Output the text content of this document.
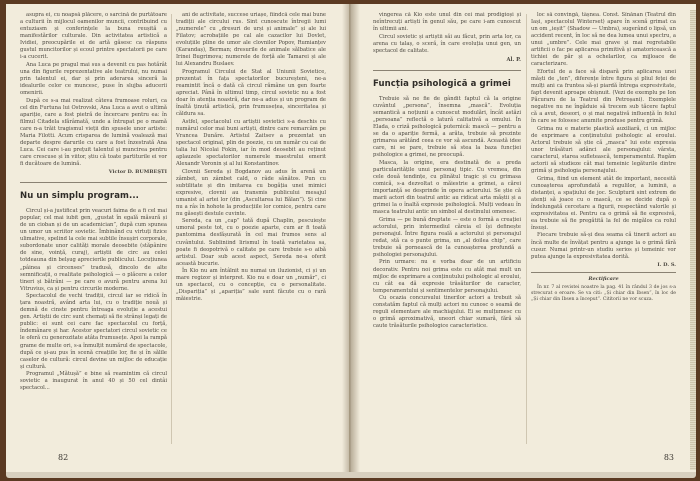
asupra ei, cu noapsă plăcere, o sarcină de purtătoare a culturii în mijlocul oamenilor muncii, contribuind cu entuziasm și conferințele la buna reușită a manifestărilor culturale. Din activitatea artistică a Ividiei, preocupările ei de artă găsesc ca răspuns gustul muncitorilor și ecoul printre spectatorii pe care i-a cucerit.

Ana Luca pe pragul mai sus a devenit cu pas hotărât una din figurile reprezentative ale teatrului, nu numai prin talentul ei, dar și prin aderarea sinceră la idealurile celor ce muncesc, puse în slujba aducerii omenirii.

După ce s-a mai realizat câteva frumoase roluri, ca cel din Furtuna lui Ostrovski, Ana Luca a avut o ultimă apariție, care a fost pietră de încercare pentru ea: în filmul Citadela sfărâmată, unde a întrupat pe o mamă care n-a trăit tragismul vieții din spusele unor artiste: Maria Filotti. Acum crisparea de lumină voalează mai departe despre darurile cu care a fost înzestrată Ana Luca. Cei care i-au prețuit talentul și muncirea pentru care crescuse și în viitor, știu că toate partiturile ei vor fi ducătoare de lumină.

Victor D. BUMBEȘTI

Nu un simplu program...

Circul și-a justificat prin veacuri faima de a fi cel mai popular, cel mai iubit gen, „gustat în egală măsură și de un cioban și de un academician”, după cum spunea un umor un scriitor sovietic. Îmbinând cu virtuți fizice ulimative, spelind la cele mai subtile însușiri corporale, subordonate unor calități morale deosebite (stăpânire de sine, voință, curaj), artiștii de circ au celei totdeauna din belșug aprecierile publicului. Locuțiunea „pâinea și circenses” tradusă, dincolo de alte semnificații, o realitate psihologică — o plăcere a celor tineri și bătrâni — pe care o avură pentru arena lui Vitruvius, ca și pentru circurile moderne.

Spectacolul de vechi tradiții, circul iar se ridică în țara noastră, având arta lui, cu o tradiție nouă și demnă de cinste pentru întreaga evoluție a acestui gen. Artiștii de circ sunt chemați să fie strânși legați de public: ei sunt cei care fac spectacolul cu forță, îndemânare și har. Acestor spectatori circul sovietic ce le oferă cu generozitate atâta frumusețe. Apoi la rampă grame de multe ori, s-a înmulțit numărul de spectacole, după ce și-au pus în scenă creațiile lor, fie și în sălile caselor de cultură: circul devine un mijloc de educație și cultură.

Programul „Mătușă” e bine să reamintim că circul sovietic a inaugurat în anul 40 și 50 cel dintâi spectacol...

ani de activitate, succese uriașe, fiindcă cele mai bune tradiții ale circului rus. Sint cunoscute întregii lumi „numerele” cu „dresuri de urși și animale” și ale lui Filatov; acrobațiile pe cal ale cazacilor lui Dovlet, evoluțiile pline de umor ale clovnilor Popov, Rumianțev (Karandaș), Berman; dresurile de animale sălbatice ale Irinei Bugrimova; numerele de forță ale Tamarei și ale lui Alexandru Buslaev.

Programul Circului de Stat al Uniunii Sovietice, prezentat în fața spectatorilor bucureșteni, ne-a reamintit încă o dată că circul rămâne un gen foarte apreciat. Până în ultimul timp, circul sovietic nu a fost doar în atenția noastră, dar ne-a adus și un program de înaltă ținută artistică, prin frumusețea, sinceritatea și căldura sa.

Astfel, spectacolul cu artiștii sovietici s-a deschis cu numărul celor mai buni artiști, dintre care remarcăm pe Vrancea Dunăre. Artistul Zaitsev a prezentat un spectacol original, plin de poezie, cu un număr cu cai de talia lui Nicolai Fokin, iar în mod deosebit au reținut aplauzele spectatorilor numerele maestrului emerit Alexandr Voronin și al lui Konstantinov.

Clovnii Sereda și Bogdanov au adus în arenă un zâmbet, un zâmbet cald, o râde sănătos. Pun cu subtilitate și din imitarea cu bogăția unei mimici expresive, clovnii au transmis publicului mesajul umanist al artei lor (din „Ascultarea lui Bălan”). Și cine nu a râs în hohote la producțiile lor comice, pentru care nu găsești destule cuvinte.

Sereda, ca un „cap” tată după Chaplin, pescuiește umoral peste tot, cu o poezie aparte, cum ar fi toată pantomima desfășurată în cel mai frumos sens al cuvântului. Subliniind lirismul în toată varietatea sa, poate fi deopotrivă o calitate pe care trebuie s-o aibă artistul. Doar sub acest aspect, Sereda ne-a oferit această bucurie.

În Kio nu am întâlnit nu numai un iluzionist, ci și un mare regizor și interpret. Kio nu e doar un „număr”, ci un spectacol, cu o concepție, cu o personalitate. „Dispariția” și „apariția” sale sunt făcute cu o rară măiestrie.

82

vingerea că Kio este unul din cei mai prodigioși și neîntrecuți artiști în genul său, pe care i-am cunoscut în ultimii ani.

Circul sovietic și artiștii săi au făcut, prin arta lor, ca arena cu talaș, o sceră, în care evoluția unui gen, un spectacol de calitate.

Al. P.
Funcția psihologică a grimei

Trebuie să ne fie de gândit faptul că la origine cuvântul „persona”, însemna „mască”. Evoluția semantică a noțiunii a cunoscut modulări, încât astăzi „persoana” reflectă o latură calitativă a omului. În Elada, o criză psihologică puternică: mască — pentru a se da o apariție fermă, a arăta, trebuie să prezinte grimarea arătând ceea ce vor să ascundă. Această idee care, ni se pare, trebuie să stea la baza funcției psihologice a grimei, ne preocupă.

Masca, la origine, era destinată de a preda particularitățile unui personaj tipic. Cu vremea, din cele două tendințe, cu plinătul tragic și cu grimasa comică, s-a dezvoltat o măiestrie a grimei, a cărei importanță se desprinde în opera actorului. Se știe că marii actori din teatrul antic au ridicat arta măștii și a grimei la o înaltă expresie psihologică. Mulți vedeau în masca teatrului antic un simbol al destinului omenesc.

Grima — pe bună dreptate — este o formă a creației actorului, prin intermediul căreia el își definește personajul. Între figura reală a actorului și personajul redat, stă ca o punte grima, un „al doilea chip”, care trebuie să pornească de la cunoașterea profundă a psihologiei personajului.

Prin urmare: nu e vorba doar de un artificiu decorativ. Pentru noi grima este cu atât mai mult un mijloc de exprimare a conținutului psihologic al eroului, cu cât ea dă expresie trăsăturilor de caracter, temperamentului și sentimentelor personajului.

Cu ocazia concursului tinerilor actori a trebuit să constatăm faptul că mulți actori nu cunosc o seamă de reguli elementare ale machiajului. Ei se mulțumesc cu o grimă aproximativă, uneori chiar sumară, fără să caute trăsăturile psihologice caracteristice.

loc să convingă, tâșnea. Const. Sînănan (Teatrul din Iași, spectacolul Winterset) apare în scenă grimat ca un om „ieșit” (Shadow — Umbra), sugerând o lipsă, un accident recent, în loc să ne dea lumea unui spectru, a unui „umbre”. Cele mai grave și mai regretabile artificii o fac pe aplicarea primitivă și amatoricească a tichiei de păr și a ochelarilor, ca mijloace de caracterizare.

Efortul de a face să dispară prin aplicarea unei măști de „ten”, diferențe între figura și pliul feței de mulți ani ca fruntea să-și piardă întrega expresivitate, fapt devenit aproape obișnuit. (Vezi de exemplu pe Ion Păcuraru de la Teatrul din Petroșani). Exemplele negative nu ne îngăduie să trecem sub tăcere faptul că a avut, deseori, o și mai negativă influență în felul în care se folosesc anumite produse pentru grimă.

Grima nu e materie plastică auxiliară, ci un mijloc de exprimare a conținutului psihologic al eroului. Actorul trebuie să știe că „masca” lui este expresia unor trăsături adânci ale personajului: vârsta, caracterul, starea sufletească, temperamentul. Rugăm actorii să studieze cât mai temeinic legăturile dintre grimă și psihologia personajului.

Grima, fiind un element atât de important, necesită cunoașterea aprofundată a regulilor, a luminii, a distanței, a spațiului de joc. Sculpturii sint extrem de atenți să joace cu o mască, ce se decide după o îndelungată cercetare a figurii, respectând valorile și expresivitatea ei. Pentru ca o grimă să fie expresivă, ea trebuie să fie pregătită la fel de migălos ca rolul însuși.

Fiecare trebuie să-și dea seama că tinerii actori au încă multe de învățat pentru a ajunge la o grimă fără cusur. Numai printr-un studiu serios și temeinic vor putea ajunge la expresivitatea dorită.

I. D. S.

Rectificare

În nr. 7 al revistei noastre la pag. 41 în rândul 3 de jos s-a strecurat o eroare. Se va citi: „Și chiar din Ibsen”, în loc de „Și chiar din Ibsen a început”. Cititorii ne vor scuza.

83
